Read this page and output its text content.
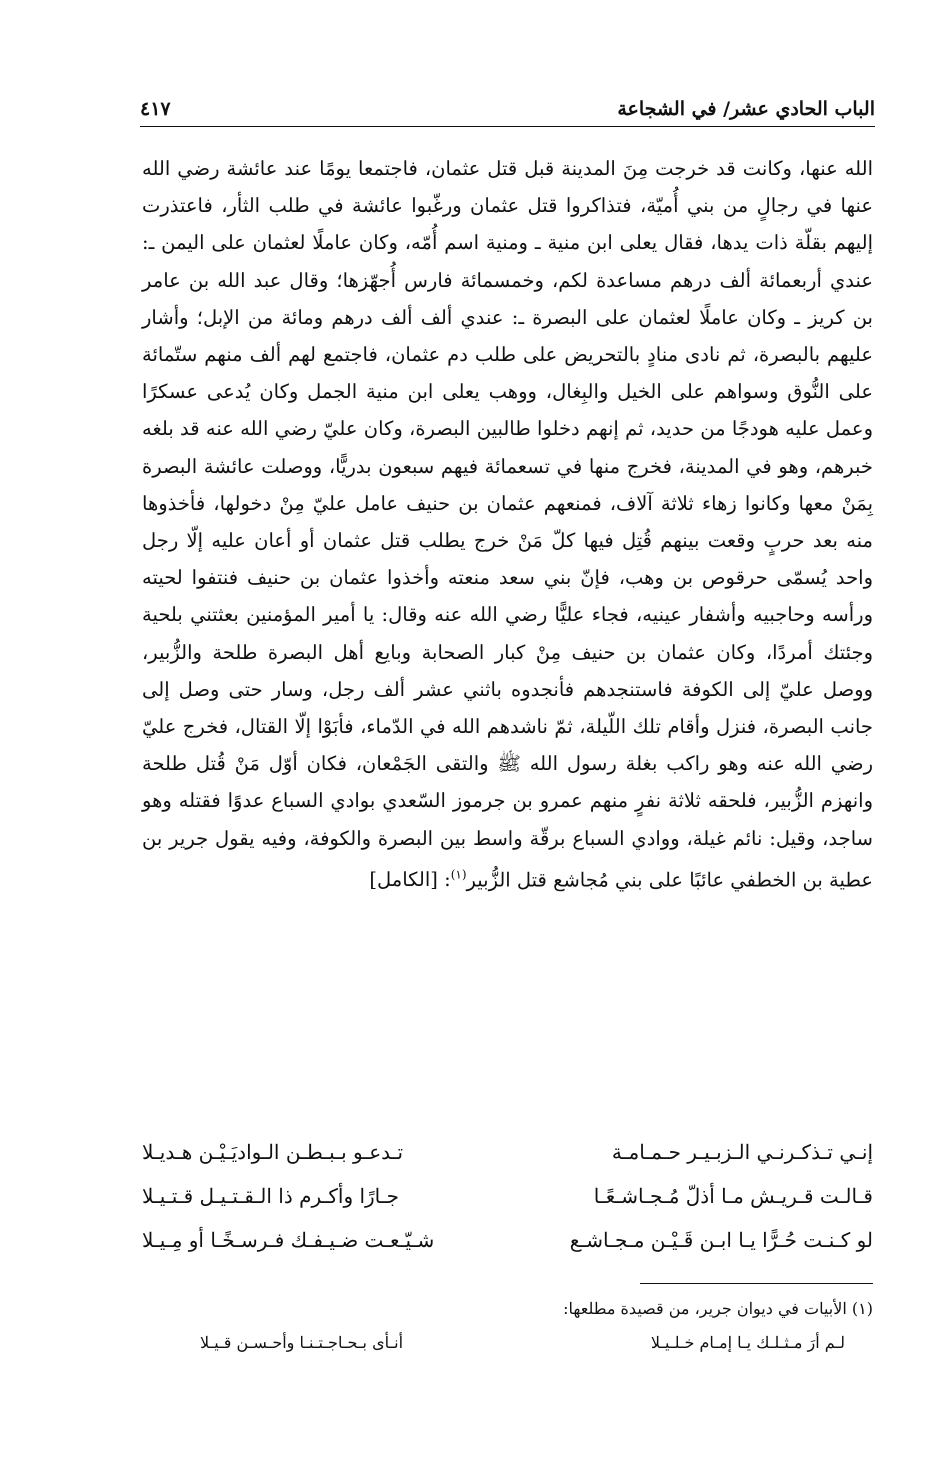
الباب الحادي عشر/ في الشجاعة
٤١٧

الله عنها، وكانت قد خرجت مِنَ المدينة قبل قتل عثمان، فاجتمعا يومًا عند عائشة رضي الله عنها في رجالٍ من بني أُميّة، فتذاكروا قتل عثمان ورغّبوا عائشة في طلب الثأر، فاعتذرت إليهم بقلّة ذات يدها، فقال يعلى ابن منية ـ ومنية اسم أُمّه، وكان عاملًا لعثمان على اليمن ـ: عندي أربعمائة ألف درهم مساعدة لكم، وخمسمائة فارس أُجهّزها؛ وقال عبد الله بن عامر بن كريز ـ وكان عاملًا لعثمان على البصرة ـ: عندي ألف ألف درهم ومائة من الإبل؛ وأشار عليهم بالبصرة، ثم نادى منادٍ بالتحريض على طلب دم عثمان، فاجتمع لهم ألف منهم ستّمائة على النُّوق وسواهم على الخيل والبِغال، ووهب يعلى ابن منية الجمل وكان يُدعى عسكرًا وعمل عليه هودجًا من حديد، ثم إنهم دخلوا طالبين البصرة، وكان عليّ رضي الله عنه قد بلغه خبرهم، وهو في المدينة، فخرج منها في تسعمائة فيهم سبعون بدريًّا، ووصلت عائشة البصرة بِمَنْ معها وكانوا زهاء ثلاثة آلاف، فمنعهم عثمان بن حنيف عامل عليّ مِنْ دخولها، فأخذوها منه بعد حربٍ وقعت بينهم قُتِل فيها كلّ مَنْ خرج يطلب قتل عثمان أو أعان عليه إلّا رجل واحد يُسمّى حرقوص بن وهب، فإنّ بني سعد منعته وأخذوا عثمان بن حنيف فنتفوا لحيته ورأسه وحاجبيه وأشفار عينيه، فجاء عليًّا رضي الله عنه وقال: يا أمير المؤمنين بعثتني بلحية وجئتك أمردًا، وكان عثمان بن حنيف مِنْ كبار الصحابة وبايع أهل البصرة طلحة والزُّبير، ووصل عليّ إلى الكوفة فاستنجدهم فأنجدوه باثني عشر ألف رجل، وسار حتى وصل إلى جانب البصرة، فنزل وأقام تلك اللّيلة، ثمّ ناشدهم الله في الدّماء، فأبَوْا إلّا القتال، فخرج عليّ رضي الله عنه وهو راكب بغلة رسول الله ﷺ والتقى الجَمْعان، فكان أوّل مَنْ قُتل طلحة وانهزم الزُّبير، فلحقه ثلاثة نفرٍ منهم عمرو بن جرموز السّعدي بوادي السباع عدوًا فقتله وهو ساجد، وقيل: نائم غيلة، ووادي السباع برقّة واسط بين البصرة والكوفة، وفيه يقول جرير بن عطية بن الخطفي عائبًا على بني مُجاشع قتل الزُّبير$^{(١)}$: [الكامل]

إنـي تـذكـرنـي الـزبـيـر حـمـامـة
تـدعـو بـبـطـن الـواديَـيْـن هـديـلا
قـالـت قـريـش مـا أذلّ مُـجـاشـعًـا
جـارًا وأكـرم ذا الـقـتـيـل قـتـيـلا
لو كـنـت حُـرًّا يـا ابـن قَـيْـن مـجـاشـع
شـيّـعـت ضـيـفـك فـرسـخًـا أو مِـيـلا
(١) الأبيات في ديوان جرير، من قصيدة مطلعها:
لـم أرَ مـثـلـك يـا إمـام خـلـيـلا
أنـأى بـحـاجـتـنـا وأحـسـن قـيـلا
